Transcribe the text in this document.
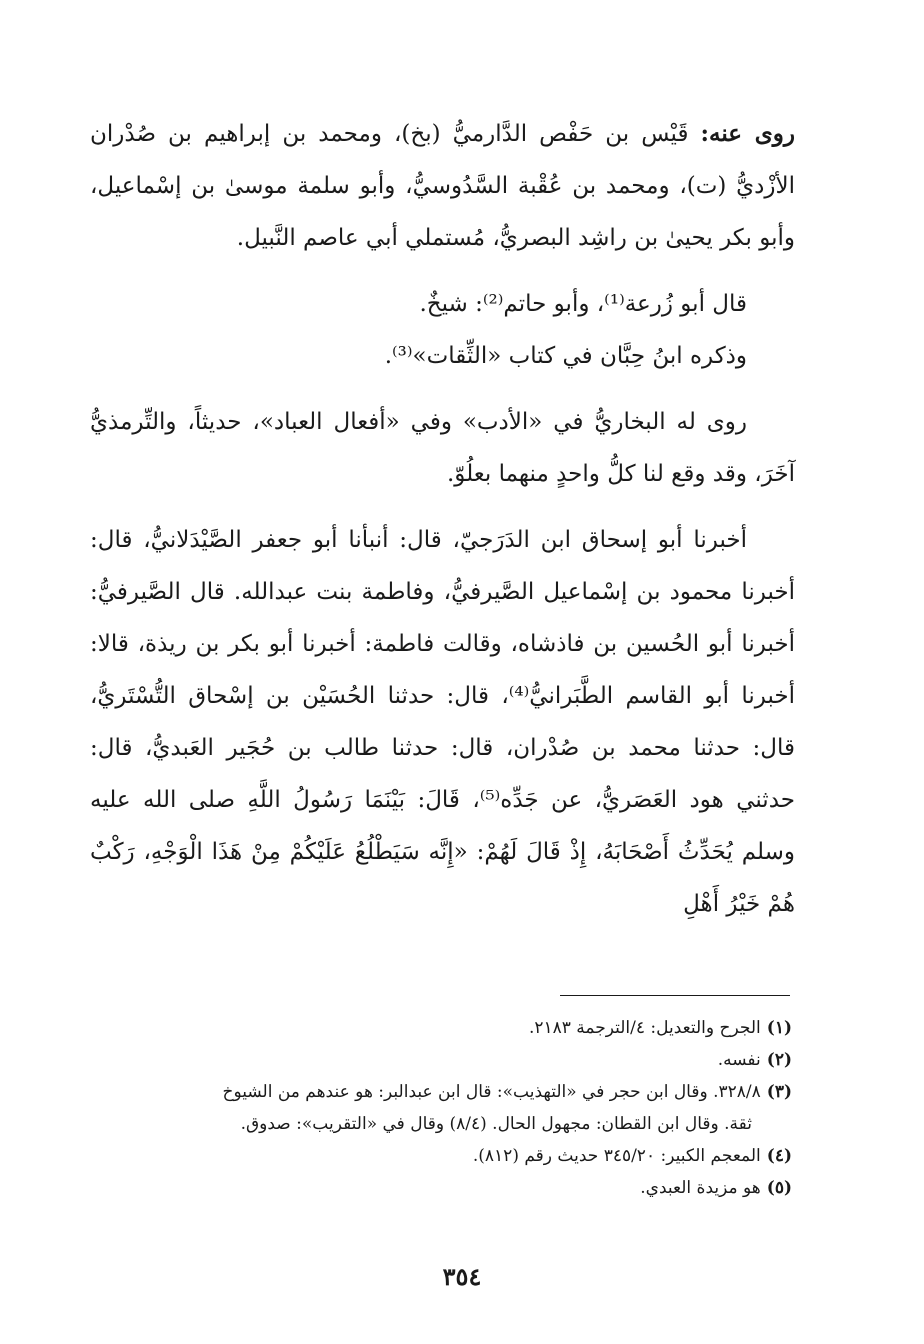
روى عنه: قَيْس بن حَفْص الدَّارميُّ (بخ)، ومحمد بن إبراهيم بن صُدْران الأزْديُّ (ت)، ومحمد بن عُقْبة السَّدُوسيُّ، وأبو سلمة موسىٰ بن إسْماعيل، وأبو بكر يحيىٰ بن راشِد البصريُّ، مُستملي أبي عاصم النَّبيل.

قال أبو زُرعة⁽¹⁾، وأبو حاتم⁽²⁾: شيخٌ.

وذكره ابنُ حِبَّان في كتاب «الثِّقات»⁽³⁾.

روى له البخاريُّ في «الأدب» وفي «أفعال العباد»، حديثاً، والتِّرمذيُّ آخَرَ، وقد وقع لنا كلُّ واحدٍ منهما بعلُوّ.

أخبرنا أبو إسحاق ابن الدَرَجيّ، قال: أنبأنا أبو جعفر الصَّيْدَلانيُّ، قال: أخبرنا محمود بن إسْماعيل الصَّيرفيُّ، وفاطمة بنت عبدالله. قال الصَّيرفيُّ: أخبرنا أبو الحُسين بن فاذشاه، وقالت فاطمة: أخبرنا أبو بكر بن ريذة، قالا: أخبرنا أبو القاسم الطَّبَرانيُّ⁽⁴⁾، قال: حدثنا الحُسَيْن بن إسْحاق التُّسْتَريُّ، قال: حدثنا محمد بن صُدْران، قال: حدثنا طالب بن حُجَير العَبديُّ، قال: حدثني هود العَصَريُّ، عن جَدِّه⁽⁵⁾، قَالَ: بَيْنَمَا رَسُولُ اللَّهِ صلى الله عليه وسلم يُحَدِّثُ أَصْحَابَهُ، إِذْ قَالَ لَهُمْ: «إِنَّه سَيَطْلُعُ عَلَيْكُمْ مِنْ هَذَا الْوَجْهِ، رَكْبٌ هُمْ خَيْرُ أَهْلِ

(١)الجرح والتعديل: ٤/الترجمة ٢١٨٣.

(٢)نفسه.

(٣)٣٢٨/٨. وقال ابن حجر في «التهذيب»: قال ابن عبدالبر: هو عندهم من الشيوخ
ثقة. وقال ابن القطان: مجهول الحال. (٨/٤) وقال في «التقريب»: صدوق.

(٤)المعجم الكبير: ٣٤٥/٢٠ حديث رقم (٨١٢).

(٥)هو مزيدة العبدي.

٣٥٤
